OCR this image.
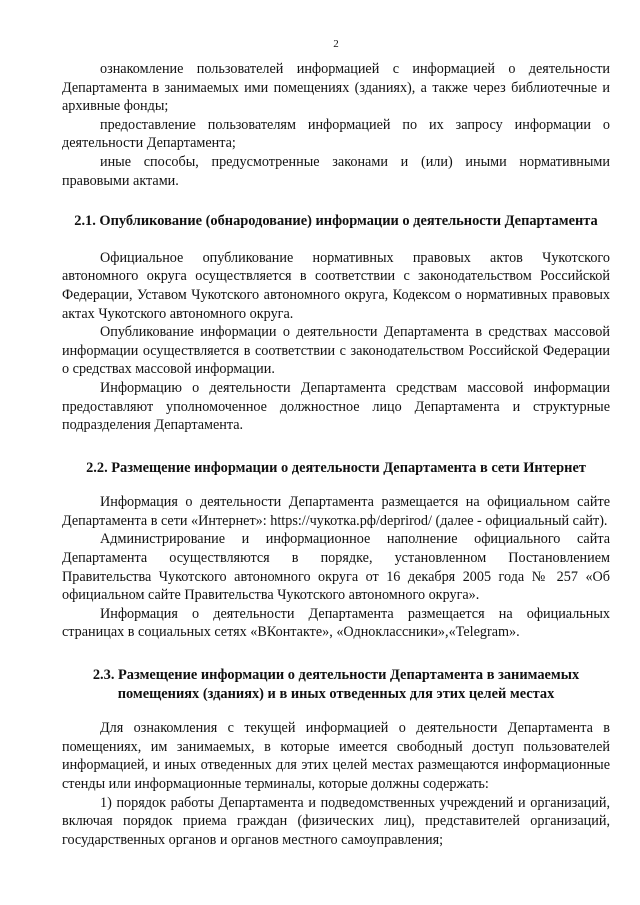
2

ознакомление пользователей информацией с информацией о деятельности Департамента в занимаемых ими помещениях (зданиях), а также через библиотечные и архивные фонды;

предоставление пользователям информацией по их запросу информации о деятельности Департамента;

иные способы, предусмотренные законами и (или) иными нормативными правовыми актами.

2.1. Опубликование (обнародование) информации о деятельности Департамента

Официальное опубликование нормативных правовых актов Чукотского автономного округа осуществляется в соответствии с законодательством Российской Федерации, Уставом Чукотского автономного округа, Кодексом о нормативных правовых актах Чукотского автономного округа.

Опубликование информации о деятельности Департамента в средствах массовой информации осуществляется в соответствии с законодательством Российской Федерации о средствах массовой информации.

Информацию о деятельности Департамента средствам массовой информации предоставляют уполномоченное должностное лицо Департамента и структурные подразделения Департамента.

2.2. Размещение информации о деятельности Департамента в сети Интернет

Информация о деятельности Департамента размещается на официальном сайте Департамента в сети «Интернет»: https://чукотка.рф/deprirod/ (далее - официальный сайт).

Администрирование и информационное наполнение официального сайта Департамента осуществляются в порядке, установленном Постановлением Правительства Чукотского автономного округа от 16 декабря 2005 года № 257 «Об официальном сайте Правительства Чукотского автономного округа».

Информация о деятельности Департамента размещается на официальных страницах в социальных сетях «ВКонтакте», «Одноклассники»,«Telegram».

2.3. Размещение информации о деятельности Департамента в занимаемых помещениях (зданиях) и в иных отведенных для этих целей местах

Для ознакомления с текущей информацией о деятельности Департамента в помещениях, им занимаемых, в которые имеется свободный доступ пользователей информацией, и иных отведенных для этих целей местах размещаются информационные стенды или информационные терминалы, которые должны содержать:

1) порядок работы Департамента и подведомственных учреждений и организаций, включая порядок приема граждан (физических лиц), представителей организаций, государственных органов и органов местного самоуправления;
